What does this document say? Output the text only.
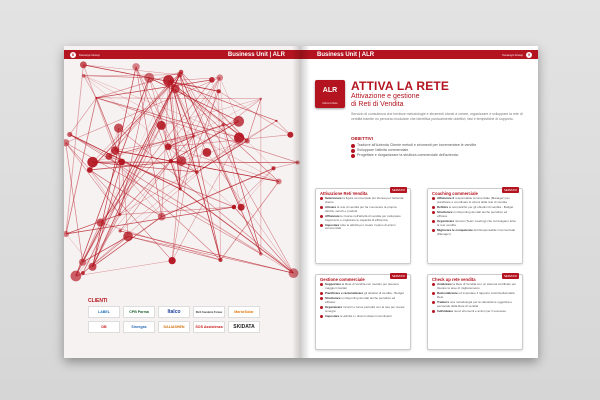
8	Kenesys Group	Business Unit | ALR
CLIENTI
LABEL	CPB Parma	Italco	Rich Sonderm Tomas	MarkeSolar
DB	Sinergas	DALIASHEN	SOS Assistenza	SKIDATA
Business Unit | ALR	Kenesys Group	9
ALR
Attiva la Rete
ATTIVA LA RETE
Attivazione e gestione
di Reti di Vendita
Servizio di consulenza che fornisce metodologie e strumenti idonei a creare, organizzare e sviluppare la rete di vendita tramite un percorso modulare che identifica puntualmente obiettivi, fasi e tempistiche di supporto.
OBIETTIVI
Tradurre all'Azienda Cliente metodi e strumenti per incrementare le vendite
Sviluppare l'attività commerciale
Progettare e riorganizzare la struttura commerciale dell'azienda.
SERVIZIO
Attivazione Reti Vendita
Selezionare la figura commerciale più idonea per l'azienda cliente
Attivare la rete di vendita per far conoscere la propria attività, servizi e prodotti
Affiancare le risorse nell'attività di vendita per sviluppare l'approccio e migliorare le capacità di efficienza
Impostare tutte le attività per creare il piano di azioni commerciali
SERVIZIO
Coaching commerciale
Affiancare il responsabile commerciale (Manager) per pianificare e coordinare le azioni della rete di vendita
Definire le tempistiche per gli obiettivi di vendita - Budget
Strutturare un Reporting dei dati anche periodico ed efficace
Organizzare riunioni (Team meeting) che coinvolgano tutta la rete vendita
Migliorare le competenze del Responsabile Commerciale (Manager)
SERVIZIO
Gestione commerciale
Supportare la Rete di Vendita con metodo per ottenere maggiori risultati
Pianificare e razionalizzare gli obiettivi di vendita - Budget
Strutturare un Reporting dei dati anche periodico ed efficace
Organizzare incontri e focus periodici con la rete per creare sinergia
Impostare le attività e i diversi sistemi incentivanti
SERVIZIO
Check up rete vendita
Analizzare la Rete di Vendita con un sistema certificato per rilevare le aree di miglioramento
Razionalizzare ed impostare il rapporto costi/risultati della Rete
Tradurre una metodologia per la valutazione oggettiva e personale della Rete di vendita
Individuare nuovi strumenti e azioni per il successo
